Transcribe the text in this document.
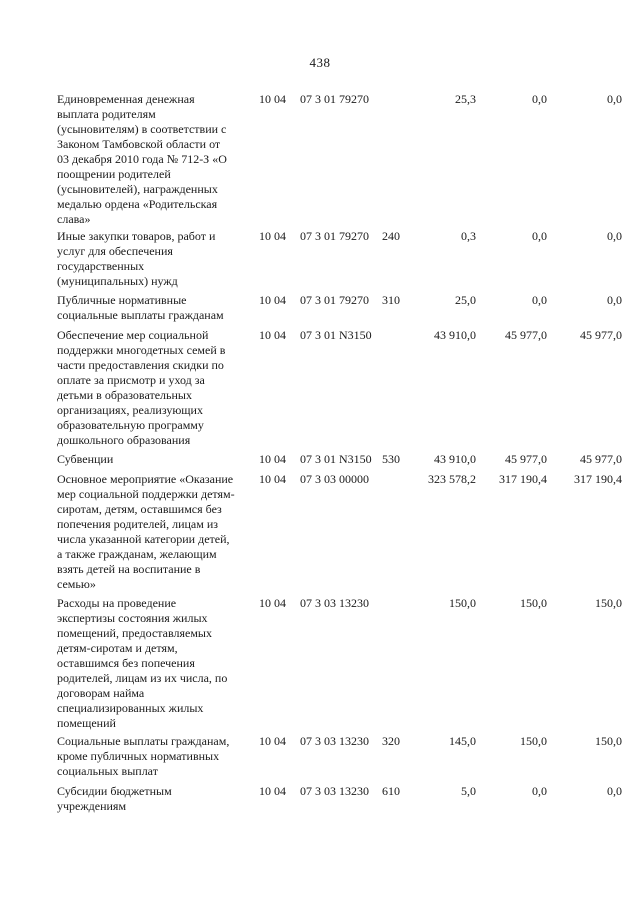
438
Единовременная денежная
выплата родителям
(усыновителям) в соответствии с
Законом Тамбовской области от
03 декабря 2010 года № 712-З «О
поощрении родителей
(усыновителей), награжденных
медалью ордена «Родительская
слава»
10 04	07 3 01 79270	25,3	0,0	0,0
Иные закупки товаров, работ и
услуг для обеспечения
государственных
(муниципальных) нужд
10 04	07 3 01 79270	240	0,3	0,0	0,0
Публичные нормативные
социальные выплаты гражданам
10 04	07 3 01 79270	310	25,0	0,0	0,0
Обеспечение мер социальной
поддержки многодетных семей в
части предоставления скидки по
оплате за присмотр и уход за
детьми в образовательных
организациях, реализующих
образовательную программу
дошкольного образования
10 04	07 3 01 N3150	43 910,0	45 977,0	45 977,0
Субвенции	10 04	07 3 01 N3150 530	43 910,0	45 977,0	45 977,0
Основное мероприятие «Оказание
мер социальной поддержки детям-
сиротам, детям, оставшимся без
попечения родителей, лицам из
числа указанной категории детей,
а также гражданам, желающим
взять детей на воспитание в
семью»
10 04	07 3 03 00000	323 578,2	317 190,4	317 190,4
Расходы на проведение
экспертизы состояния жилых
помещений, предоставляемых
детям-сиротам и детям,
оставшимся без попечения
родителей, лицам из их числа, по
договорам найма
специализированных жилых
помещений
10 04	07 3 03 13230	150,0	150,0	150,0
Социальные выплаты гражданам,
кроме публичных нормативных
социальных выплат
10 04	07 3 03 13230	320	145,0	150,0	150,0
Субсидии бюджетным
учреждениям
10 04	07 3 03 13230	610	5,0	0,0	0,0
